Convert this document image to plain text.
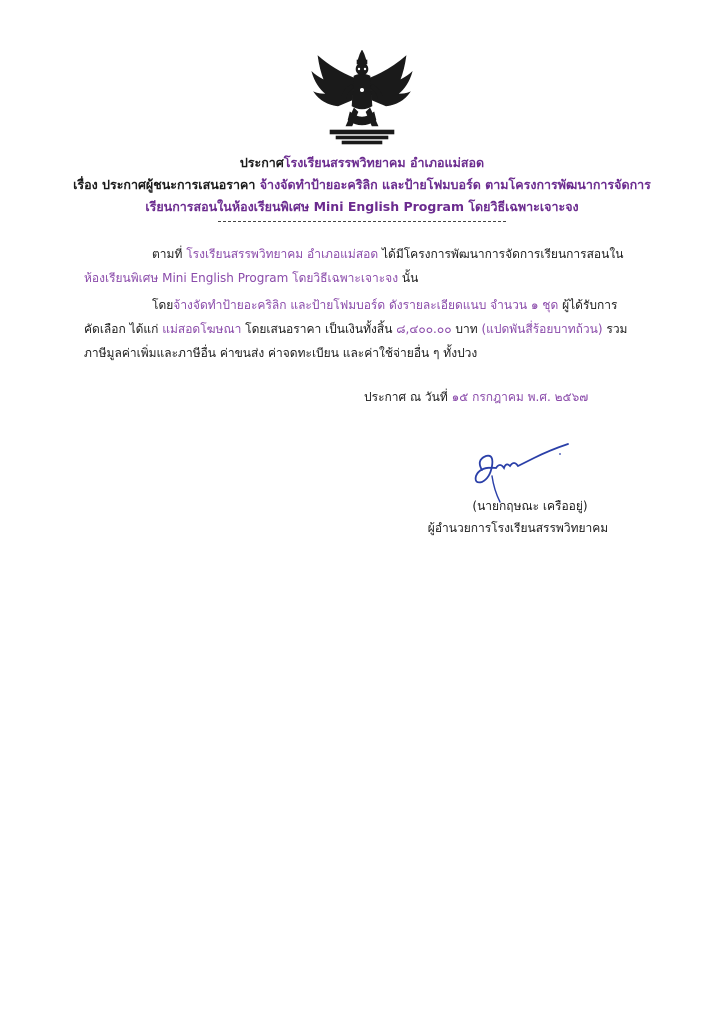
ประกาศโรงเรียนสรรพวิทยาคม อำเภอแม่สอด
เรื่อง ประกาศผู้ชนะการเสนอราคา จ้างจัดทำป้ายอะคริลิก และป้ายโฟมบอร์ด ตามโครงการพัฒนาการจัดการ
เรียนการสอนในห้องเรียนพิเศษ Mini English Program โดยวิธีเฉพาะเจาะจง
ตามที่ โรงเรียนสรรพวิทยาคม อำเภอแม่สอด ได้มีโครงการพัฒนาการจัดการเรียนการสอนใน
ห้องเรียนพิเศษ Mini English Program โดยวิธีเฉพาะเจาะจง นั้น
โดยจ้างจัดทำป้ายอะคริลิก และป้ายโฟมบอร์ด ดังรายละเอียดแนบ จำนวน ๑ ชุด ผู้ได้รับการ
คัดเลือก ได้แก่ แม่สอดโฆษณา โดยเสนอราคา เป็นเงินทั้งสิ้น ๘,๔๐๐.๐๐ บาท (แปดพันสี่ร้อยบาทถ้วน) รวม
ภาษีมูลค่าเพิ่มและภาษีอื่น ค่าขนส่ง ค่าจดทะเบียน และค่าใช้จ่ายอื่น ๆ ทั้งปวง
ประกาศ ณ วันที่ ๑๕ กรกฎาคม พ.ศ. ๒๕๖๗
(นายกฤษณะ เครืออยู่)
ผู้อำนวยการโรงเรียนสรรพวิทยาคม
